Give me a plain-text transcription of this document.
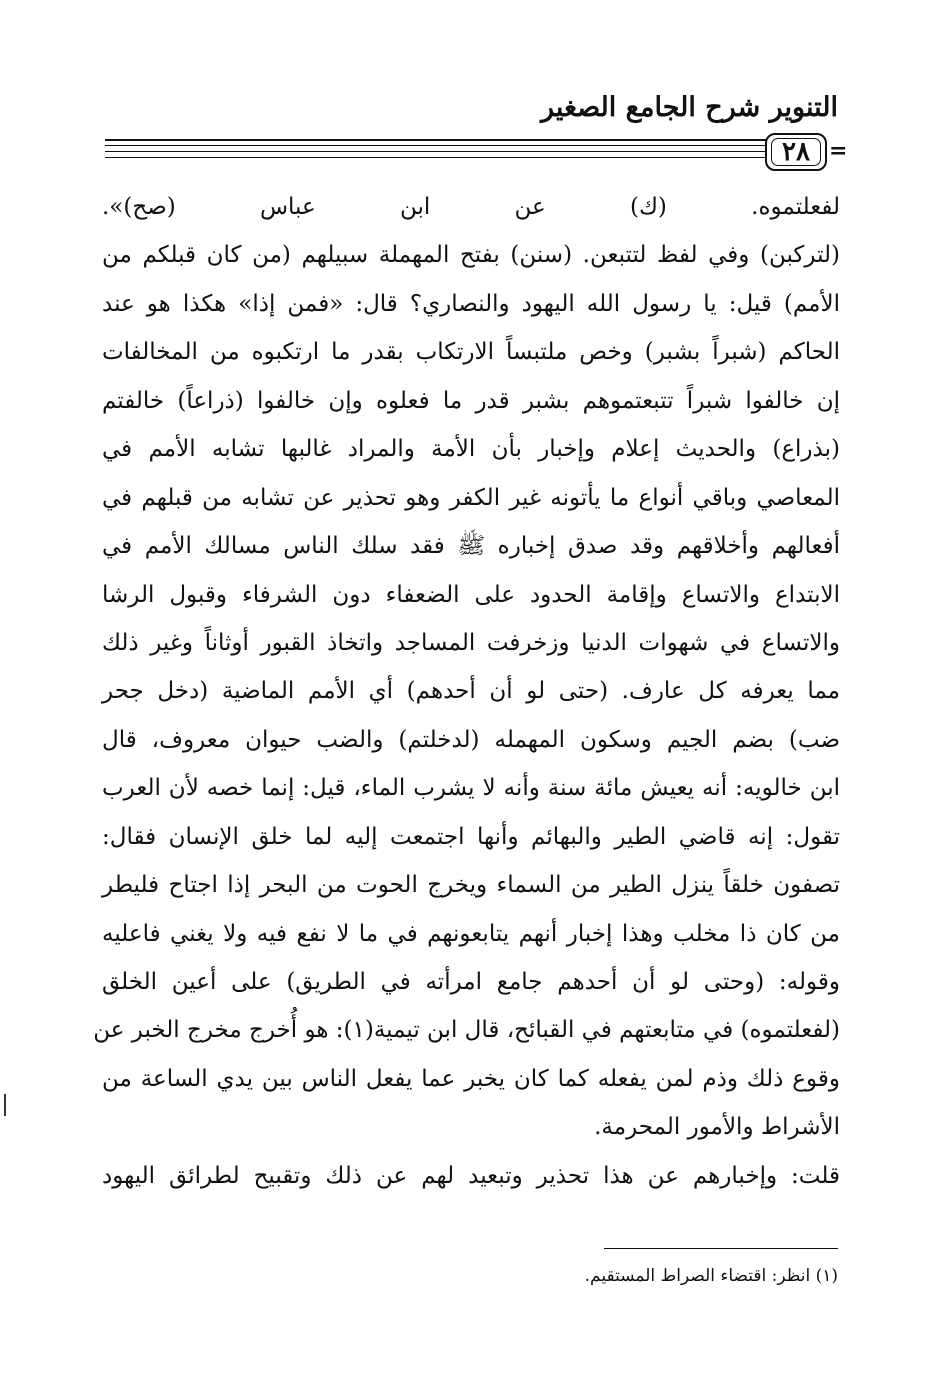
التنوير شرح الجامع الصغير
٢٨ =
لفعلتموه. (ك) عن ابن عباس (صح)».
(لتركبن) وفي لفظ لتتبعن. (سنن) بفتح المهملة سبيلهم (من كان قبلكم من
الأمم) قيل: يا رسول الله اليهود والنصاري؟ قال: «فمن إذا» هكذا هو عند
الحاكم (شبراً بشبر) وخص ملتبساً الارتكاب بقدر ما ارتكبوه من المخالفات
إن خالفوا شبراً تتبعتموهم بشبر قدر ما فعلوه وإن خالفوا (ذراعاً) خالفتم
(بذراع) والحديث إعلام وإخبار بأن الأمة والمراد غالبها تشابه الأمم في
المعاصي وباقي أنواع ما يأتونه غير الكفر وهو تحذير عن تشابه من قبلهم في
أفعالهم وأخلاقهم وقد صدق إخباره ﷺ فقد سلك الناس مسالك الأمم في
الابتداع والاتساع وإقامة الحدود على الضعفاء دون الشرفاء وقبول الرشا
والاتساع في شهوات الدنيا وزخرفت المساجد واتخاذ القبور أوثاناً وغير ذلك
مما يعرفه كل عارف. (حتى لو أن أحدهم) أي الأمم الماضية (دخل جحر
ضب) بضم الجيم وسكون المهمله (لدخلتم) والضب حيوان معروف، قال
ابن خالويه: أنه يعيش مائة سنة وأنه لا يشرب الماء، قيل: إنما خصه لأن العرب
تقول: إنه قاضي الطير والبهائم وأنها اجتمعت إليه لما خلق الإنسان فقال:
تصفون خلقاً ينزل الطير من السماء ويخرج الحوت من البحر إذا اجتاح فليطر
من كان ذا مخلب وهذا إخبار أنهم يتابعونهم في ما لا نفع فيه ولا يغني فاعليه
وقوله: (وحتى لو أن أحدهم جامع امرأته في الطريق) على أعين الخلق
(لفعلتموه) في متابعتهم في القبائح، قال ابن تيمية(١): هو أُخرج مخرج الخبر عن
وقوع ذلك وذم لمن يفعله كما كان يخبر عما يفعل الناس بين يدي الساعة من
الأشراط والأمور المحرمة.
قلت: وإخبارهم عن هذا تحذير وتبعيد لهم عن ذلك وتقبيح لطرائق اليهود
(١) انظر: اقتضاء الصراط المستقيم.
